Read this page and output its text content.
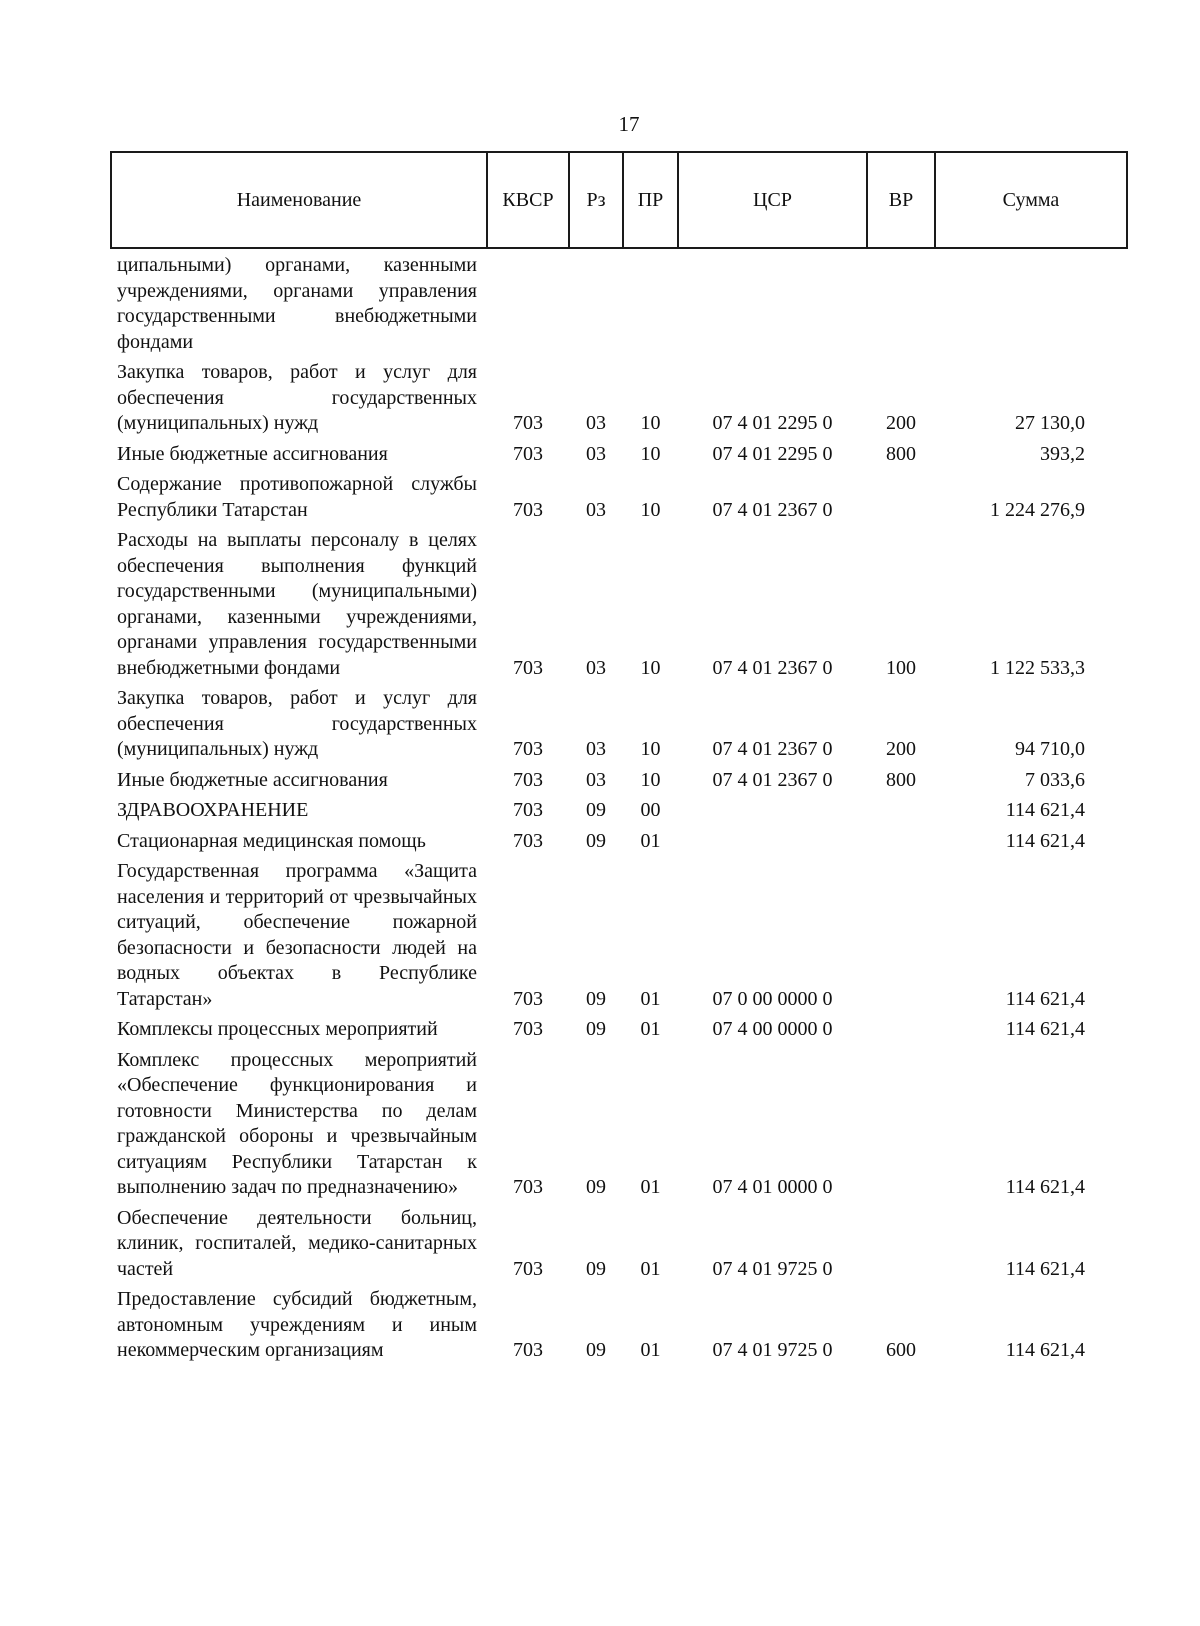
17
Наименование	КВСР	Рз	ПР	ЦСР	ВР	Сумма
ципальными) органами, казенными учреждениями, органами управления государственными внебюджетными фондами						
Закупка товаров, работ и услуг для обеспечения государственных (муниципальных) нужд	703	03	10	07 4 01 2295 0	200	27 130,0
Иные бюджетные ассигнования	703	03	10	07 4 01 2295 0	800	393,2
Содержание противопожарной службы Республики Татарстан	703	03	10	07 4 01 2367 0		1 224 276,9
Расходы на выплаты персоналу в целях обеспечения выполнения функций государственными (муниципальными) органами, казенными учреждениями, органами управления государственными внебюджетными фондами	703	03	10	07 4 01 2367 0	100	1 122 533,3
Закупка товаров, работ и услуг для обеспечения государственных (муниципальных) нужд	703	03	10	07 4 01 2367 0	200	94 710,0
Иные бюджетные ассигнования	703	03	10	07 4 01 2367 0	800	7 033,6
ЗДРАВООХРАНЕНИЕ	703	09	00			114 621,4
Стационарная медицинская помощь	703	09	01			114 621,4
Государственная программа «Защита населения и территорий от чрезвычайных ситуаций, обеспечение пожарной безопасности и безопасности людей на водных объектах в Республике Татарстан»	703	09	01	07 0 00 0000 0		114 621,4
Комплексы процессных мероприятий	703	09	01	07 4 00 0000 0		114 621,4
Комплекс процессных мероприятий «Обеспечение функционирования и готовности Министерства по делам гражданской обороны и чрезвычайным ситуациям Республики Татарстан к выполнению задач по предназначению»	703	09	01	07 4 01 0000 0		114 621,4
Обеспечение деятельности больниц, клиник, госпиталей, медико-санитарных частей	703	09	01	07 4 01 9725 0		114 621,4
Предоставление субсидий бюджетным, автономным учреждениям и иным некоммерческим организациям	703	09	01	07 4 01 9725 0	600	114 621,4
